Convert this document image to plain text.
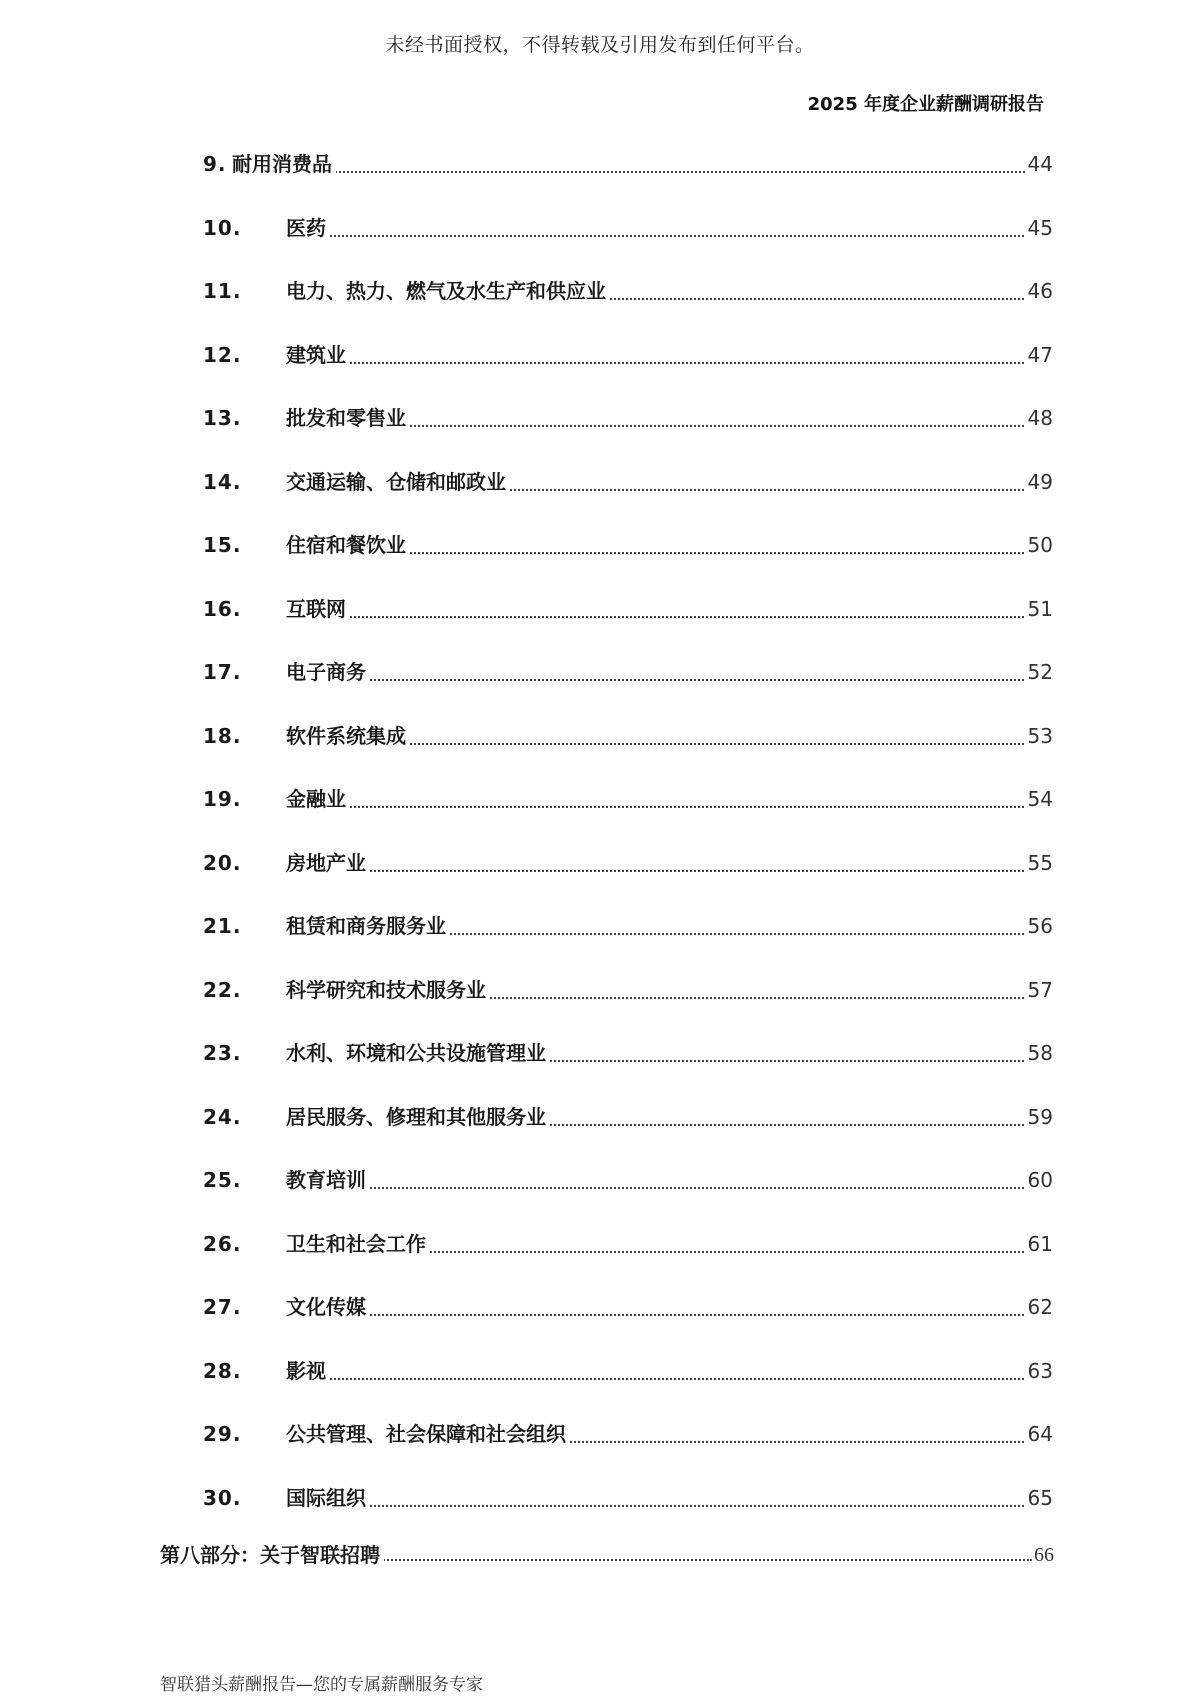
未经书面授权，不得转载及引用发布到任何平台。
2025 年度企业薪酬调研报告
9. 耐用消费品	44
10. 医药	45
11. 电力、热力、燃气及水生产和供应业	46
12. 建筑业	47
13. 批发和零售业	48
14. 交通运输、仓储和邮政业	49
15. 住宿和餐饮业	50
16. 互联网	51
17. 电子商务	52
18. 软件系统集成	53
19. 金融业	54
20. 房地产业	55
21. 租赁和商务服务业	56
22. 科学研究和技术服务业	57
23. 水利、环境和公共设施管理业	58
24. 居民服务、修理和其他服务业	59
25. 教育培训	60
26. 卫生和社会工作	61
27. 文化传媒	62
28. 影视	63
29. 公共管理、社会保障和社会组织	64
30. 国际组织	65
第八部分：关于智联招聘	66
智联猎头薪酬报告—您的专属薪酬服务专家
